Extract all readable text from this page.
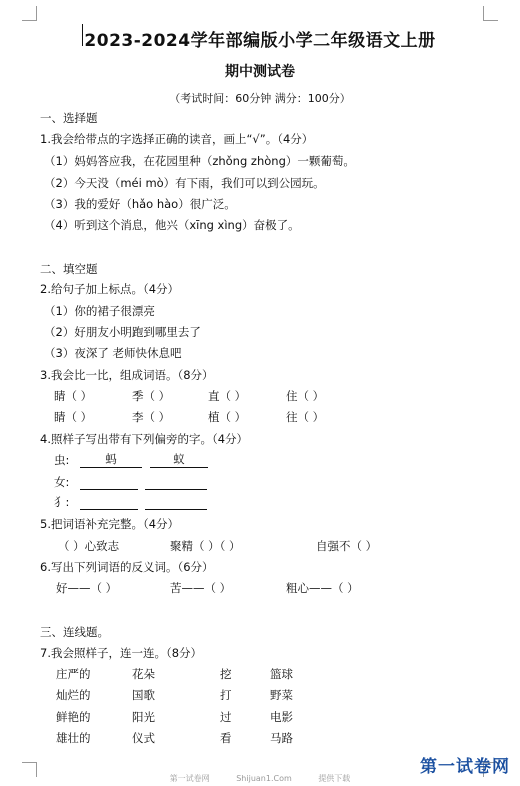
2023-2024学年部编版小学二年级语文上册
期中测试卷
（考试时间：60分钟 满分：100分）
一、选择题
1.我会给带点的字选择正确的读音，画上“√”。（4分）
（1）妈妈答应我，在花园里种（zhǒng zhòng）一颗葡萄。
（2）今天没（méi mò）有下雨，我们可以到公园玩。
（3）我的爱好（hǎo hào）很广泛。
（4）听到这个消息，他兴（xīng xìng）奋极了。
二、填空题
2.给句子加上标点。（4分）
（1）你的裙子很漂亮
（2）好朋友小明跑到哪里去了
（3）夜深了 老师快休息吧
3.我会比一比，组成词语。（8分）
睛（ ）	季（ ）	直（ ）	住（ ）
睛（ ）	李（ ）	植（ ）	往（ ）
4.照样子写出带有下列偏旁的字。（4分）
虫:	蚂	蚁
女:
犭:
5.把词语补充完整。（4分）
（ ）心致志	聚精（ ）（ ）	自强不（ ）
6.写出下列词语的反义词。（6分）
好——（ ）	苦——（ ）	粗心——（ ）
三、连线题。
7.我会照样子，连一连。（8分）
庄严的	花朵	挖	篮球
灿烂的	国歌	打	野菜
鲜艳的	阳光	过	电影
雄壮的	仪式	看	马路
第一试卷网	Shijuan1.Com	提供下载
第一试卷网
